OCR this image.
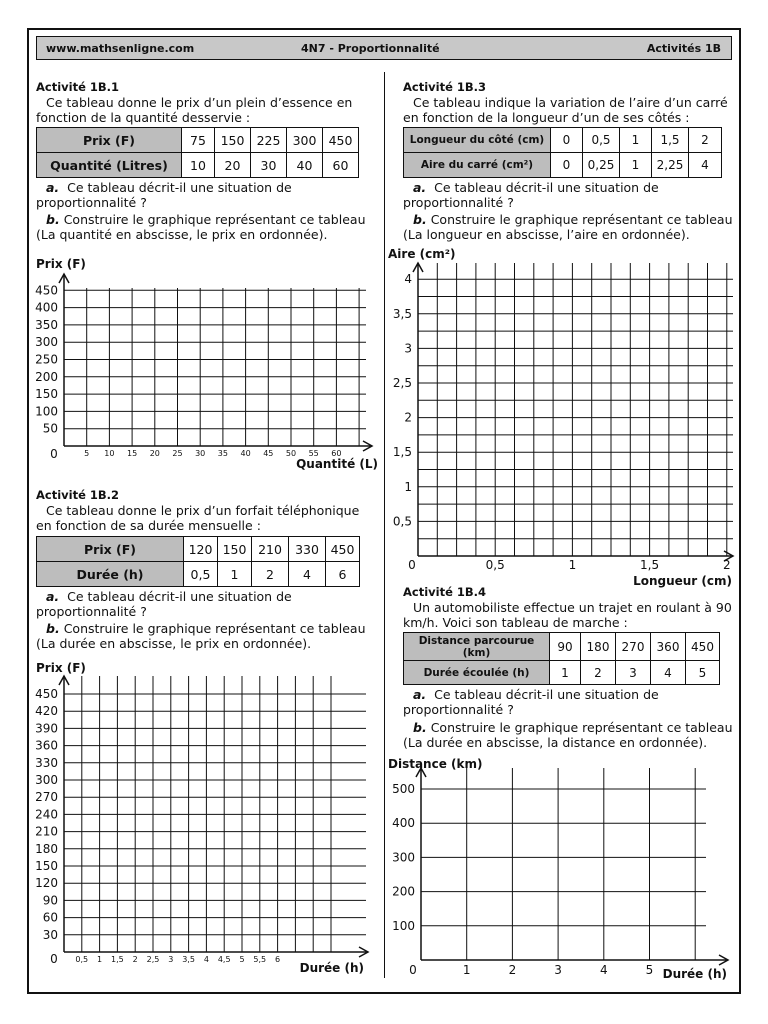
www.mathsenligne.com	4N7 - Proportionnalité	Activités 1B
Activité 1B.1
Ce tableau donne le prix d’un plein d’essence en
fonction de la quantité desservie :
Prix (F)	75	150	225	300	450
Quantité (Litres)	10	20	30	40	60
a. Ce tableau décrit-il une situation de
proportionnalité ?
b. Construire le graphique représentant ce tableau
(La quantité en abscisse, le prix en ordonnée).
Activité 1B.3
Ce tableau indique la variation de l’aire d’un carré
en fonction de la longueur d’un de ses côtés :
Longueur du côté (cm)	0	0,5	1	1,5	2
Aire du carré (cm²)	0	0,25	1	2,25	4
a. Ce tableau décrit-il une situation de
proportionnalité ?
b. Construire le graphique représentant ce tableau
(La longueur en abscisse, l’aire en ordonnée).
Activité 1B.2
Ce tableau donne le prix d’un forfait téléphonique
en fonction de sa durée mensuelle :
Prix (F)	120	150	210	330	450
Durée (h)	0,5	1	2	4	6
a. Ce tableau décrit-il une situation de
proportionnalité ?
b. Construire le graphique représentant ce tableau
(La durée en abscisse, le prix en ordonnée).
Activité 1B.4
Un automobiliste effectue un trajet en roulant à 90
km/h. Voici son tableau de marche :
Distance parcourue (km)	90	180	270	360	450
Durée écoulée (h)	1	2	3	4	5
a. Ce tableau décrit-il une situation de
proportionnalité ?
b. Construire le graphique représentant ce tableau
(La durée en abscisse, la distance en ordonnée).
450
400
350
300
250
200
150
100
50
5 10 15 20 25 30 35 40 45 50 55 60
0
Prix (F)
Quantité (L)
450
420
390
360
330
300
270
240
210
180
150
120
90
60
30
0,5 1 1,5 2 2,5 3 3,5 4 4,5 5 5,5 6
0
Prix (F)
Durée (h)
4
3,5
3
2,5
2
1,5
1
0,5
0,5	1	1,5	2
0
Aire (cm²)
Longueur (cm)
500
400
300
200
100
1	2	3	4	5
0
Distance (km)
Durée (h)
